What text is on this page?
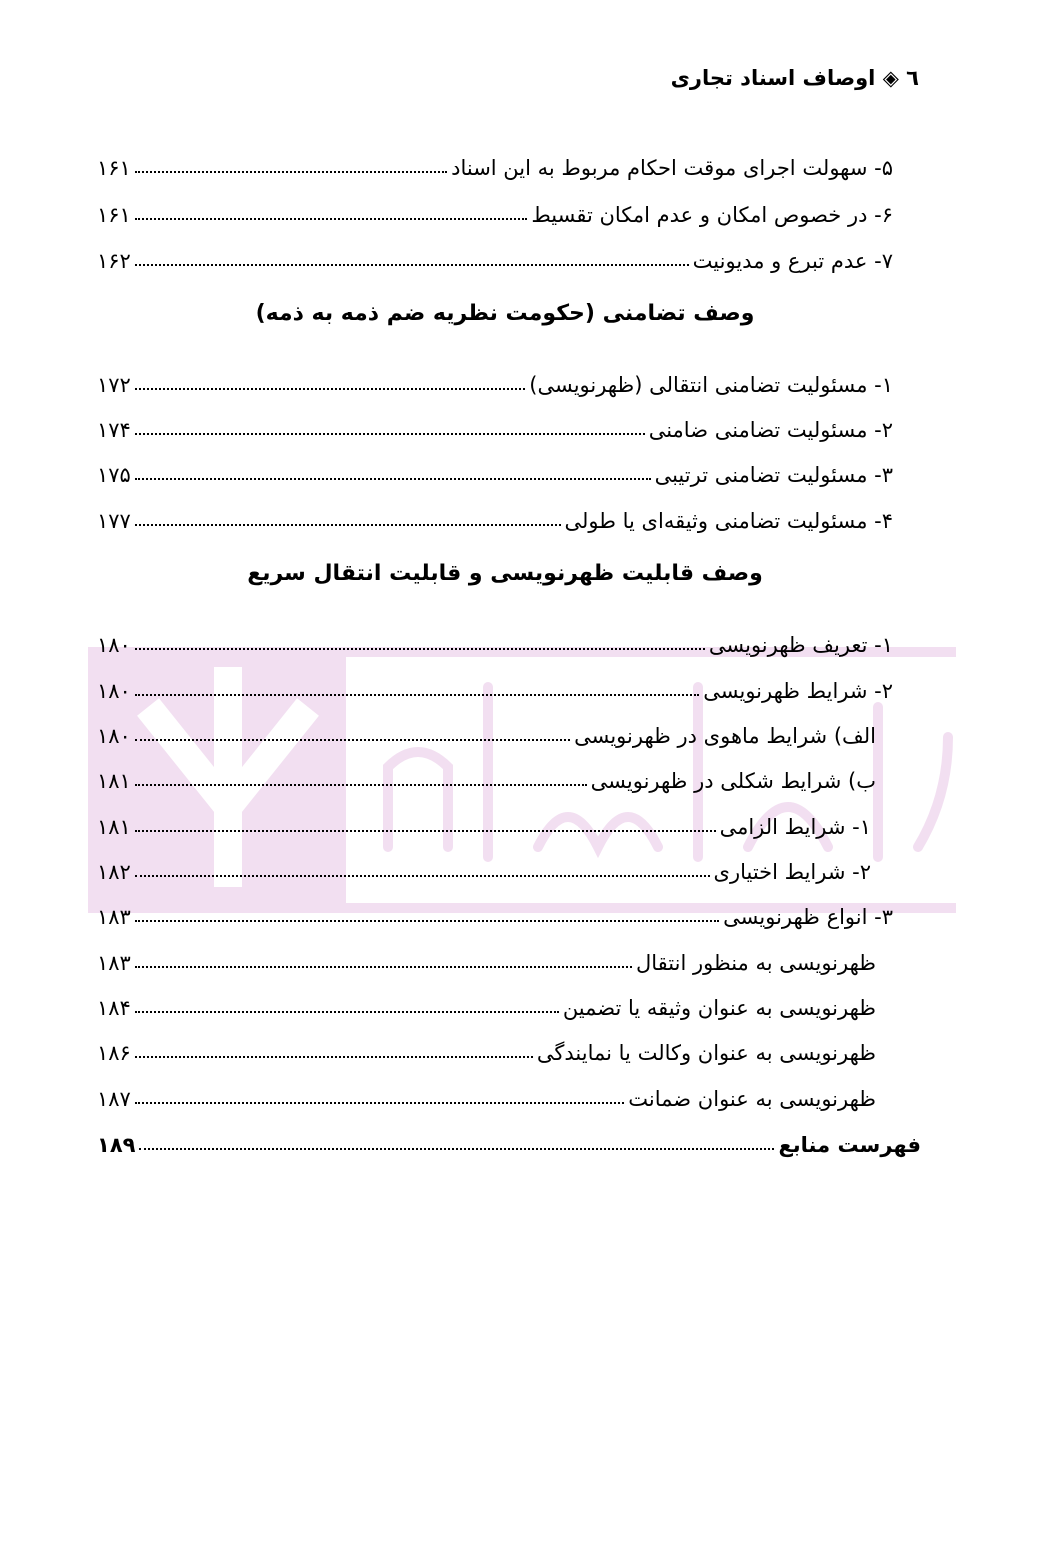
٦ ◈ اوصاف اسناد تجاری
۵- سهولت اجرای موقت احکام مربوط به این اسناد
۱۶۱
۶- در خصوص امکان و عدم امکان تقسیط
۱۶۱
۷- عدم تبرع و مدیونیت
۱۶۲
وصف تضامنی (حکومت نظریه ضم ذمه به ذمه)
۱- مسئولیت تضامنی انتقالی (ظهرنویسی)
۱۷۲
۲- مسئولیت تضامنی ضامنی
۱۷۴
۳- مسئولیت تضامنی ترتیبی
۱۷۵
۴- مسئولیت تضامنی وثیقه‌ای یا طولی
۱۷۷
وصف قابلیت ظهرنویسی و قابلیت انتقال سریع
۱- تعریف ظهرنویسی
۱۸۰
۲- شرایط ظهرنویسی
۱۸۰
الف) شرایط ماهوی در ظهرنویسی
۱۸۰
ب) شرایط شکلی در ظهرنویسی
۱۸۱
۱- شرایط الزامی
۱۸۱
۲- شرایط اختیاری
۱۸۲
۳- انواع ظهرنویسی
۱۸۳
ظهرنویسی به منظور انتقال
۱۸۳
ظهرنویسی به عنوان وثیقه یا تضمین
۱۸۴
ظهرنویسی به عنوان وکالت یا نمایندگی
۱۸۶
ظهرنویسی به عنوان ضمانت
۱۸۷
فهرست منابع
۱۸۹
